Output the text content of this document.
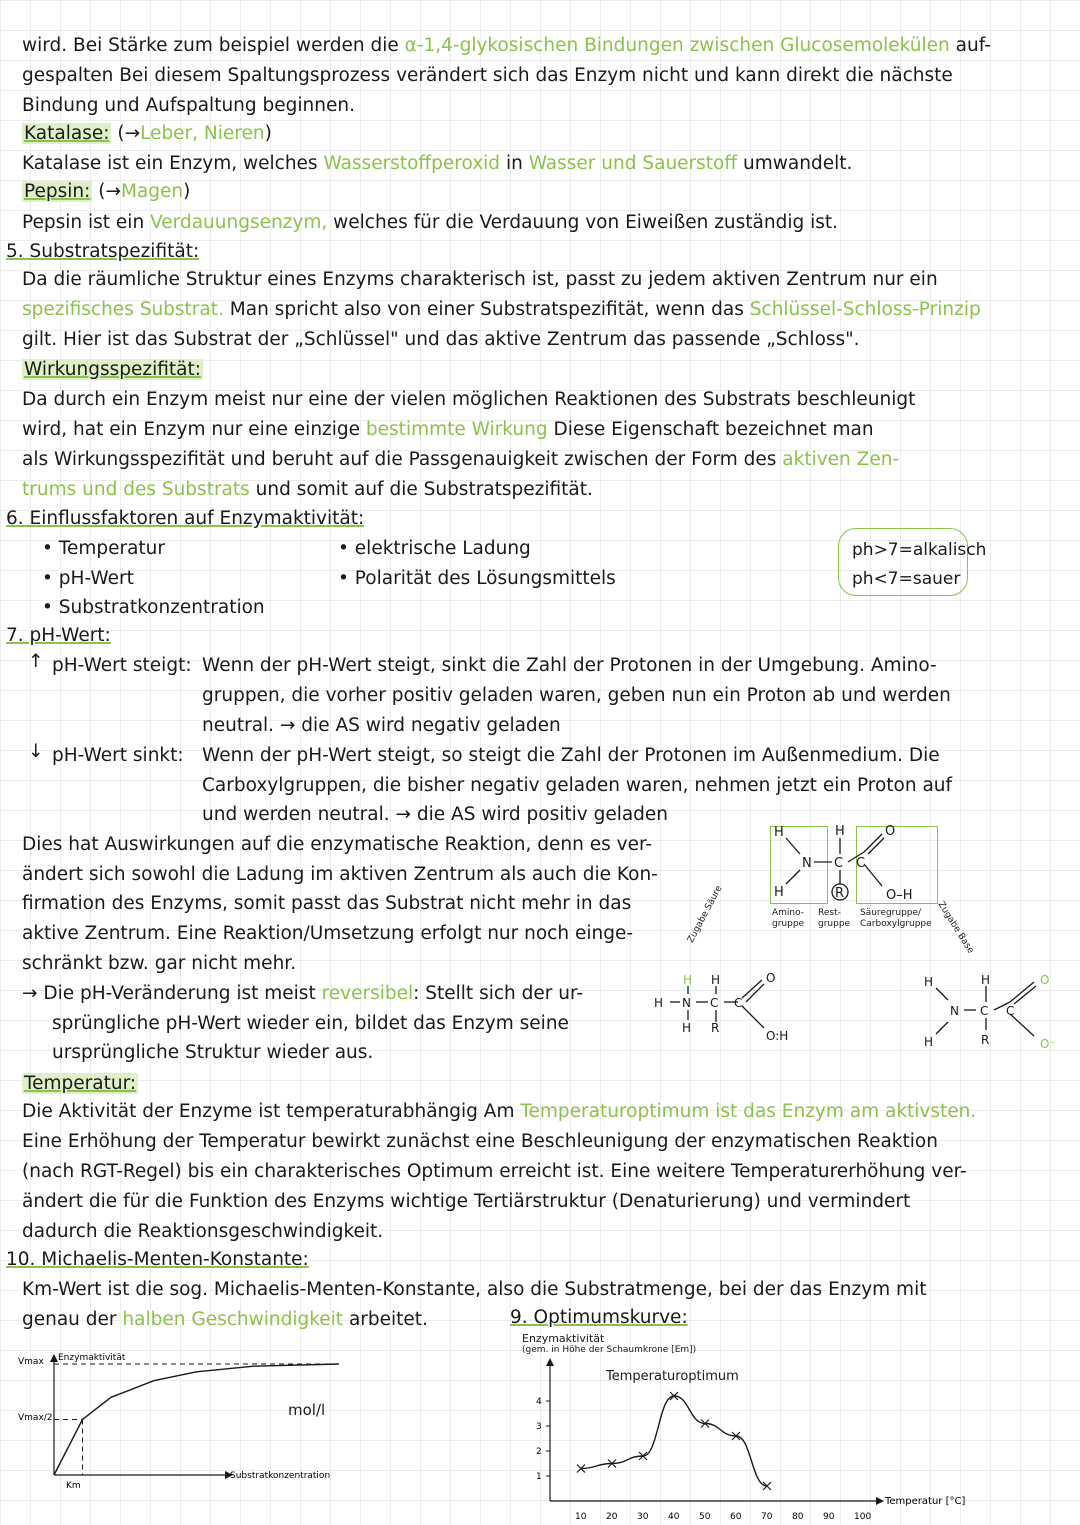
wird. Bei Stärke zum beispiel werden die α-1,4-glykosischen Bindungen zwischen Glucosemolekülen auf-
gespalten Bei diesem Spaltungsprozess verändert sich das Enzym nicht und kann direkt die nächste
Bindung und Aufspaltung beginnen.
Katalase: (→Leber, Nieren)
Katalase ist ein Enzym, welches Wasserstoffperoxid in Wasser und Sauerstoff umwandelt.
Pepsin: (→Magen)
Pepsin ist ein Verdauungsenzym, welches für die Verdauung von Eiweißen zuständig ist.
5. Substratspezifität:
Da die räumliche Struktur eines Enzyms charakterisch ist, passt zu jedem aktiven Zentrum nur ein
spezifisches Substrat. Man spricht also von einer Substratspezifität, wenn das Schlüssel-Schloss-Prinzip
gilt. Hier ist das Substrat der „Schlüssel" und das aktive Zentrum das passende „Schloss".
Wirkungsspezifität:
Da durch ein Enzym meist nur eine der vielen möglichen Reaktionen des Substrats beschleunigt
wird, hat ein Enzym nur eine einzige bestimmte Wirkung Diese Eigenschaft bezeichnet man
als Wirkungsspezifität und beruht auf die Passgenauigkeit zwischen der Form des aktiven Zen-
trums und des Substrats und somit auf die Substratspezifität.
6. Einflussfaktoren auf Enzymaktivität:
• Temperatur
• pH-Wert
• Substratkonzentration
• elektrische Ladung
• Polarität des Lösungsmittels
ph>7=alkalisch
ph<7=sauer
7. pH-Wert:
↑ pH-Wert steigt: Wenn der pH-Wert steigt, sinkt die Zahl der Protonen in der Umgebung. Amino-
gruppen, die vorher positiv geladen waren, geben nun ein Proton ab und werden
neutral. → die AS wird negativ geladen
↓ pH-Wert sinkt: Wenn der pH-Wert steigt, so steigt die Zahl der Protonen im Außenmedium. Die
Carboxylgruppen, die bisher negativ geladen waren, nehmen jetzt ein Proton auf
und werden neutral. → die AS wird positiv geladen
Dies hat Auswirkungen auf die enzymatische Reaktion, denn es ver-
ändert sich sowohl die Ladung im aktiven Zentrum als auch die Kon-
firmation des Enzyms, somit passt das Substrat nicht mehr in das
aktive Zentrum. Eine Reaktion/Umsetzung erfolgt nur noch einge-
schränkt bzw. gar nicht mehr.
→ Die pH-Veränderung ist meist reversibel: Stellt sich der ur-
sprüngliche pH-Wert wieder ein, bildet das Enzym seine
ursprüngliche Struktur wieder aus.
H
N
H
C C
O
H	R	O–H
Amino-
gruppe
Rest-
gruppe
Säuregruppe/
Carboxylgruppe
Zugabe Säure	Zugabe Base
H H
H N C C
O
H R
O:H
H	H
N C C
O
H	R	O⁻
Temperatur:
Die Aktivität der Enzyme ist temperaturabhängig Am Temperaturoptimum ist das Enzym am aktivsten.
Eine Erhöhung der Temperatur bewirkt zunächst eine Beschleunigung der enzymatischen Reaktion
(nach RGT-Regel) bis ein charakterisches Optimum erreicht ist. Eine weitere Temperaturerhöhung ver-
ändert die für die Funktion des Enzyms wichtige Tertiärstruktur (Denaturierung) und vermindert
dadurch die Reaktionsgeschwindigkeit.
10. Michaelis-Menten-Konstante:
Km-Wert ist die sog. Michaelis-Menten-Konstante, also die Substratmenge, bei der das Enzym mit
genau der halben Geschwindigkeit arbeitet.	9. Optimumskurve:
Vmax
Vmax/2
Enzymaktivität
Km
Substratkonzentration
mol/l
Enzymaktivität
(gem. in Höhe der Schaumkrone [Em])
Temperaturoptimum
Temperatur [°C]
1
2
3
4
10 20 30 40 50 60 70 80 90 100
